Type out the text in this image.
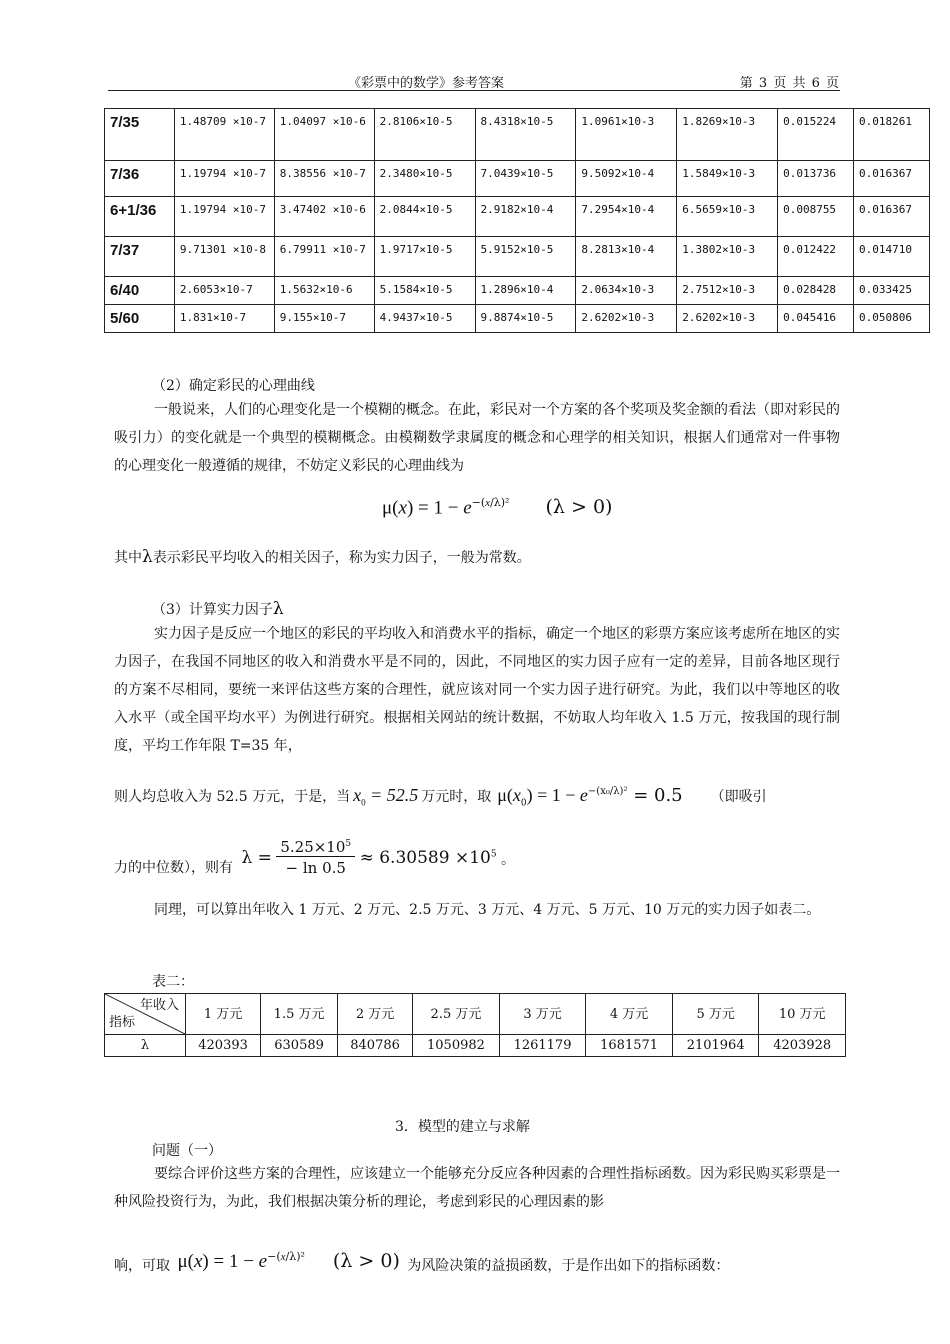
《彩票中的数学》参考答案	第 3 页 共 6 页
7/35	1.48709 ×10-7	1.04097 ×10-6	2.8106×10-5	8.4318×10-5	1.0961×10-3	1.8269×10-3	0.015224	0.018261
7/36	1.19794 ×10-7	8.38556 ×10-7	2.3480×10-5	7.0439×10-5	9.5092×10-4	1.5849×10-3	0.013736	0.016367
6+1/36	1.19794 ×10-7	3.47402 ×10-6	2.0844×10-5	2.9182×10-4	7.2954×10-4	6.5659×10-3	0.008755	0.016367
7/37	9.71301 ×10-8	6.79911 ×10-7	1.9717×10-5	5.9152×10-5	8.2813×10-4	1.3802×10-3	0.012422	0.014710
6/40	2.6053×10-7	1.5632×10-6	5.1584×10-5	1.2896×10-4	2.0634×10-3	2.7512×10-3	0.028428	0.033425
5/60	1.831×10-7	9.155×10-7	4.9437×10-5	9.8874×10-5	2.6202×10-3	2.6202×10-3	0.045416	0.050806
（2）确定彩民的心理曲线
一般说来，人们的心理变化是一个模糊的概念。在此，彩民对一个方案的各个奖项及奖金额的看法（即对彩民的吸引力）的变化就是一个典型的模糊概念。由模糊数学隶属度的概念和心理学的相关知识，根据人们通常对一件事物的心理变化一般遵循的规律，不妨定义彩民的心理曲线为
$\mu(x) = 1 - e^{-(x/\lambda)^2}$ (λ > 0)
其中λ表示彩民平均收入的相关因子，称为实力因子，一般为常数。
（3）计算实力因子λ
实力因子是反应一个地区的彩民的平均收入和消费水平的指标，确定一个地区的彩票方案应该考虑所在地区的实力因子，在我国不同地区的收入和消费水平是不同的，因此，不同地区的实力因子应有一定的差异，目前各地区现行的方案不尽相同，要统一来评估这些方案的合理性，就应该对同一个实力因子进行研究。为此，我们以中等地区的收入水平（或全国平均水平）为例进行研究。根据相关网站的统计数据，不妨取人均年收入 1.5 万元，按我国的现行制度，平均工作年限 T=35 年，
则人均总收入为 52.5 万元，于是，当 $x_0 = 52.5$ 万元时，取 $\mu(x_0) = 1 - e^{-(x_0/\lambda)^2} = 0.5$ （即吸引
力的中位数），则有 $\lambda = \frac{5.25\times 10^5}{- \ln 0.5} \approx 6.30589 \times 10^5$ 。
同理，可以算出年收入 1 万元、2 万元、2.5 万元、3 万元、4 万元、5 万元、10 万元的实力因子如表二。
表二：
年收入
指标	1 万元	1.5 万元	2 万元	2.5 万元	3 万元	4 万元	5 万元	10 万元
λ	420393	630589	840786	1050982	1261179	1681571	2101964	4203928
3．模型的建立与求解
问题（一）
要综合评价这些方案的合理性，应该建立一个能够充分反应各种因素的合理性指标函数。因为彩民购买彩票是一种风险投资行为，为此，我们根据决策分析的理论，考虑到彩民的心理因素的影
响，可取 $\mu(x) = 1 - e^{-(x/\lambda)^2}$ (λ > 0) 为风险决策的益损函数，于是作出如下的指标函数：
